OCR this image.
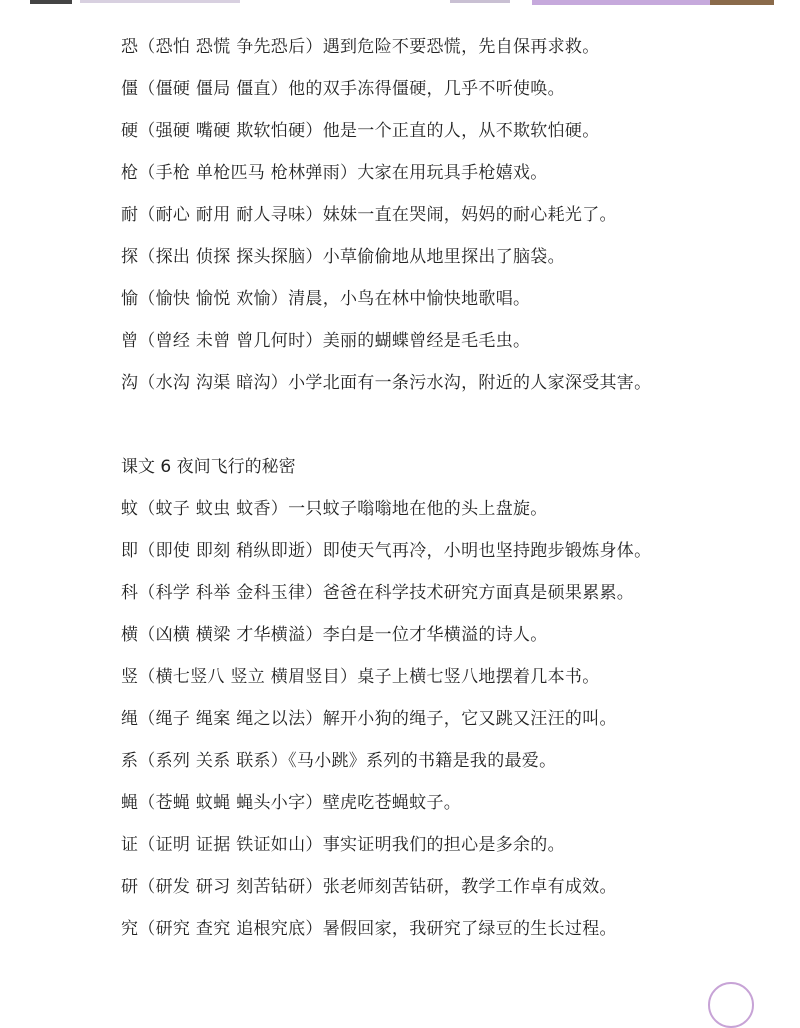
恐（恐怕 恐慌 争先恐后）遇到危险不要恐慌，先自保再求救。
僵（僵硬 僵局 僵直）他的双手冻得僵硬，几乎不听使唤。
硬（强硬 嘴硬 欺软怕硬）他是一个正直的人，从不欺软怕硬。
枪（手枪 单枪匹马 枪林弹雨）大家在用玩具手枪嬉戏。
耐（耐心 耐用 耐人寻味）妹妹一直在哭闹，妈妈的耐心耗光了。
探（探出 侦探 探头探脑）小草偷偷地从地里探出了脑袋。
愉（愉快 愉悦 欢愉）清晨，小鸟在林中愉快地歌唱。
曾（曾经 未曾 曾几何时）美丽的蝴蝶曾经是毛毛虫。
沟（水沟 沟渠 暗沟）小学北面有一条污水沟，附近的人家深受其害。
课文 6 夜间飞行的秘密
蚊（蚊子 蚊虫 蚊香）一只蚊子嗡嗡地在他的头上盘旋。
即（即使 即刻 稍纵即逝）即使天气再冷，小明也坚持跑步锻炼身体。
科（科学 科举 金科玉律）爸爸在科学技术研究方面真是硕果累累。
横（凶横 横梁 才华横溢）李白是一位才华横溢的诗人。
竖（横七竖八 竖立 横眉竖目）桌子上横七竖八地摆着几本书。
绳（绳子 绳案 绳之以法）解开小狗的绳子，它又跳又汪汪的叫。
系（系列 关系 联系）《马小跳》系列的书籍是我的最爱。
蝇（苍蝇 蚊蝇 蝇头小字）壁虎吃苍蝇蚊子。
证（证明 证据 铁证如山）事实证明我们的担心是多余的。
研（研发 研习 刻苦钻研）张老师刻苦钻研，教学工作卓有成效。
究（研究 查究 追根究底）暑假回家，我研究了绿豆的生长过程。
